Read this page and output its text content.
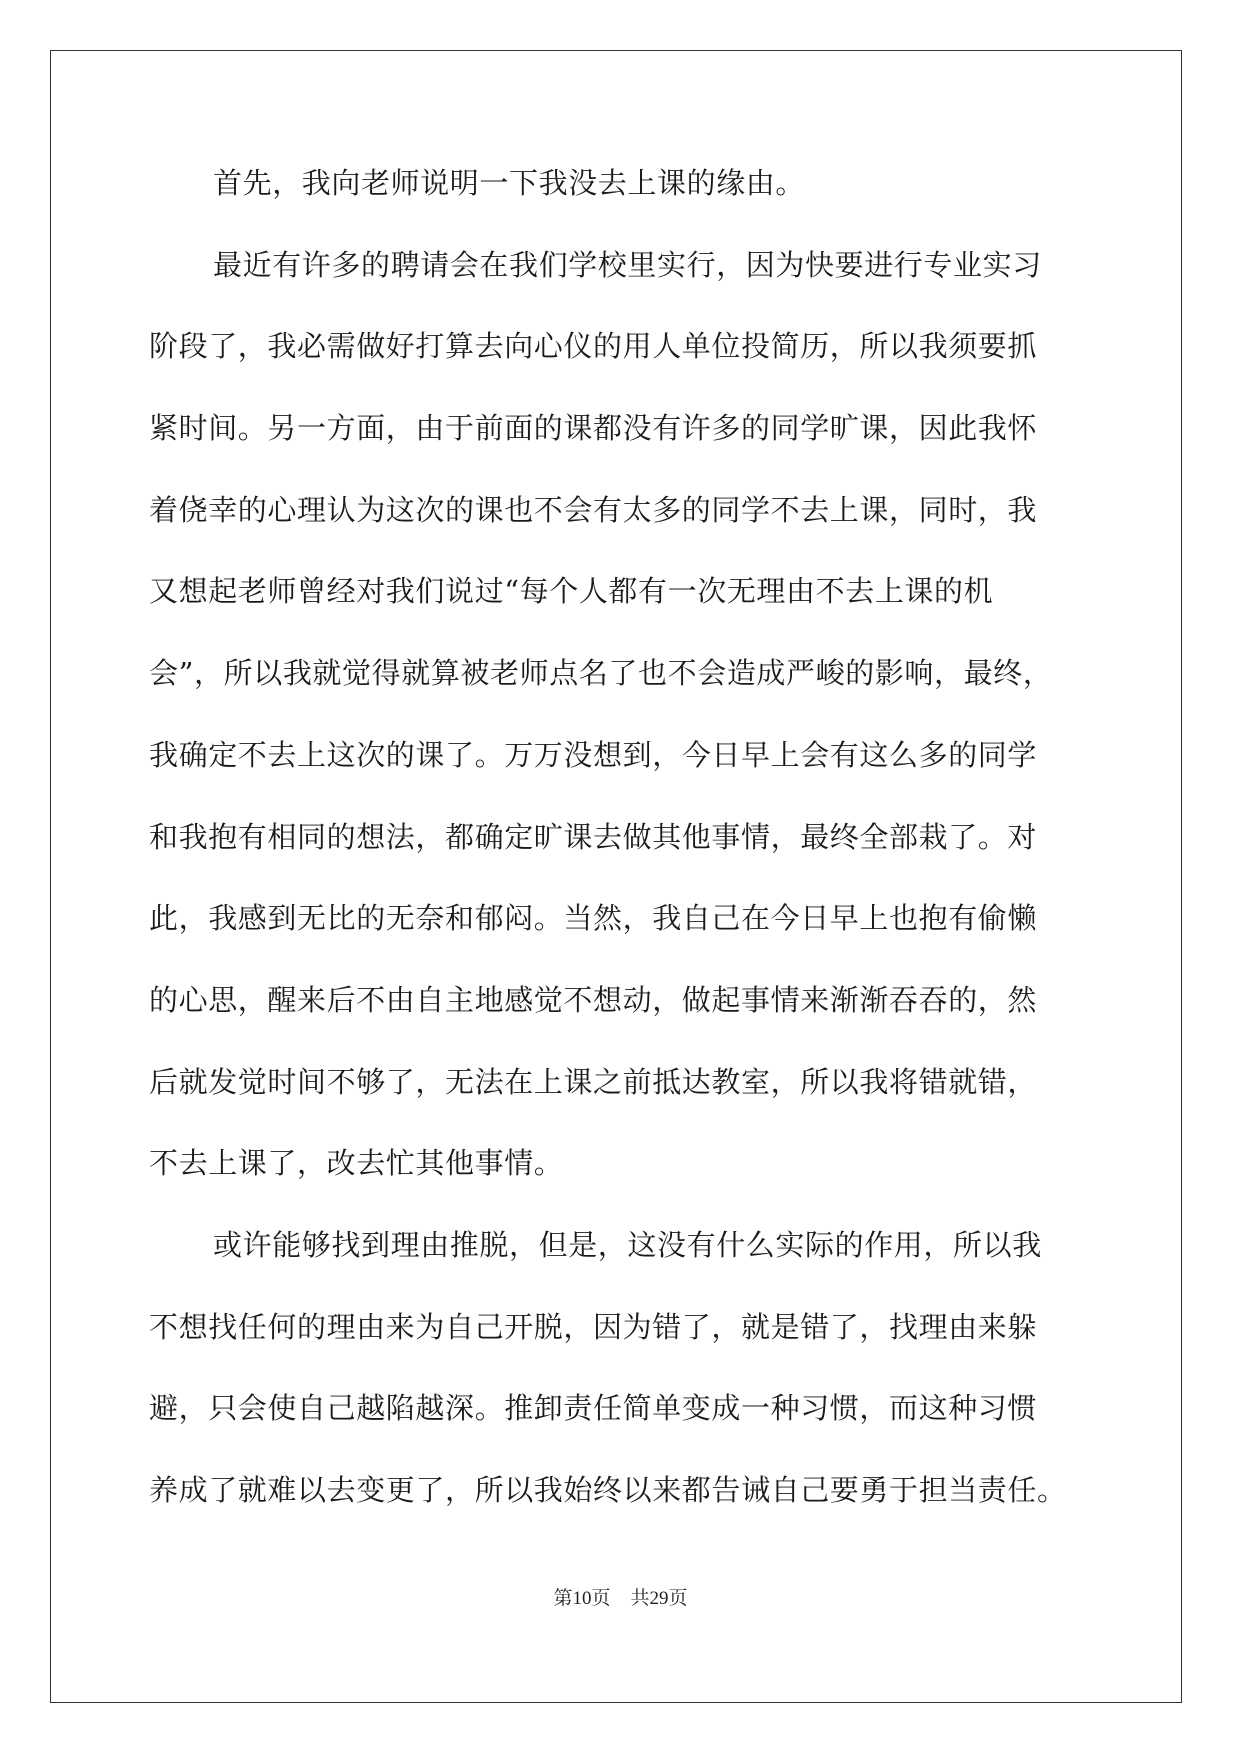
首先，我向老师说明一下我没去上课的缘由。
最近有许多的聘请会在我们学校里实行，因为快要进行专业实习
阶段了，我必需做好打算去向心仪的用人单位投简历，所以我须要抓
紧时间。另一方面，由于前面的课都没有许多的同学旷课，因此我怀
着侥幸的心理认为这次的课也不会有太多的同学不去上课，同时，我
又想起老师曾经对我们说过“每个人都有一次无理由不去上课的机
会”，所以我就觉得就算被老师点名了也不会造成严峻的影响，最终，
我确定不去上这次的课了。万万没想到，今日早上会有这么多的同学
和我抱有相同的想法，都确定旷课去做其他事情，最终全部栽了。对
此，我感到无比的无奈和郁闷。当然，我自己在今日早上也抱有偷懒
的心思，醒来后不由自主地感觉不想动，做起事情来渐渐吞吞的，然
后就发觉时间不够了，无法在上课之前抵达教室，所以我将错就错，
不去上课了，改去忙其他事情。
或许能够找到理由推脱，但是，这没有什么实际的作用，所以我
不想找任何的理由来为自己开脱，因为错了，就是错了，找理由来躲
避，只会使自己越陷越深。推卸责任简单变成一种习惯，而这种习惯
养成了就难以去变更了，所以我始终以来都告诫自己要勇于担当责任。
第10页 共29页
